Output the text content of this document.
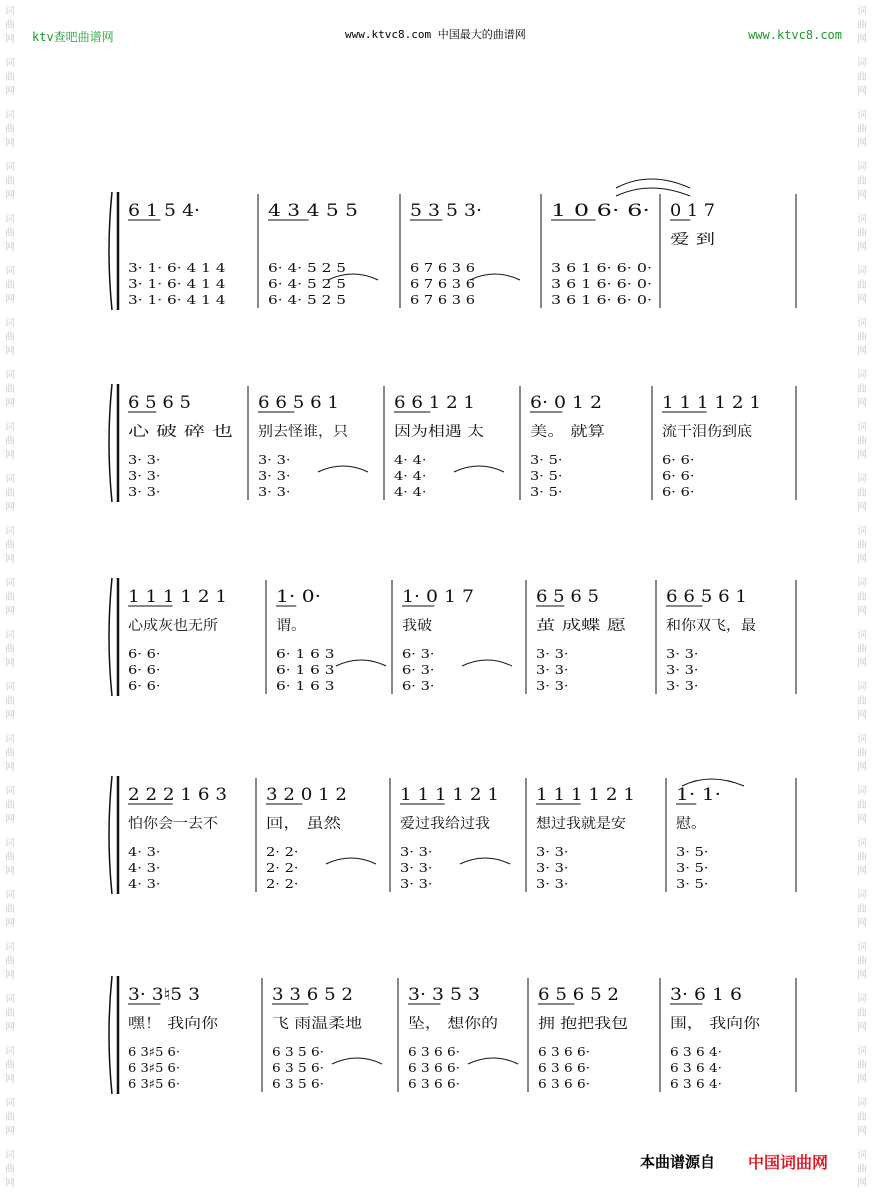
词
曲
网
词
曲
网
词
曲
网
词
曲
网
词
曲
网
词
曲
网
词
曲
网
词
曲
网
词
曲
网
词
曲
网
词
曲
网
词
曲
网
词
曲
网
词
曲
网
词
曲
网
词
曲
网
词
曲
网
词
曲
网
词
曲
网
词
曲
网
词
曲
网
词
曲
网
词
曲
网
词
曲
网
词
曲
网
词
曲
网
词
曲
网
词
曲
网
词
曲
网
词
曲
网
词
曲
网
词
曲
网
词
曲
网
词
曲
网
词
曲
网
词
曲
网
词
曲
网
词
曲
网
词
曲
网
词
曲
网
词
曲
网
词
曲
网
词
曲
网
词
曲
网
词
曲
网
词
曲
网
ktv查吧曲谱网	www.ktvc8.com 中国最大的曲谱网	www.ktvc8.com
6 1 5 4·
3· 1· 6· 4 1 4
3· 1· 6· 4 1 4
3· 1· 6· 4 1 4
4 3 4 5 5
6· 4· 5 2 5
6· 4· 5 2 5
6· 4· 5 2 5
5 3 5 3·
6 7 6 3 6
6 7 6 3 6
6 7 6 3 6
1 0 6· 6·
3 6 1 6· 6· 0·
3 6 1 6· 6· 0·
3 6 1 6· 6· 0·
0 1 7
爱 到
6 5 6 5
心 破 碎 也
3· 3·
3· 3·
3· 3·
6 6 5 6 1
别去怪谁，只
3· 3·
3· 3·
3· 3·
6 6 1 2 1
因为相遇 太
4· 4·
4· 4·
4· 4·
6· 0 1 2
美。 就算
3· 5·
3· 5·
3· 5·
1 1 1 1 2 1
流干泪伤到底
6· 6·
6· 6·
6· 6·
1 1 1 1 2 1
心成灰也无所
6· 6·
6· 6·
6· 6·
1· 0·
谓。
6· 1 6 3
6· 1 6 3
6· 1 6 3
1· 0 1 7
我破
6· 3·
6· 3·
6· 3·
6 5 6 5
茧 成蝶 愿
3· 3·
3· 3·
3· 3·
6 6 5 6 1
和你双飞，最
3· 3·
3· 3·
3· 3·
2 2 2 1 6 3
怕你会一去不
4· 3·
4· 3·
4· 3·
3 2 0 1 2
回， 虽然
2· 2·
2· 2·
2· 2·
1 1 1 1 2 1
爱过我给过我
3· 3·
3· 3·
3· 3·
1 1 1 1 2 1
想过我就是安
3· 3·
3· 3·
3· 3·
1· 1·
慰。
3· 5·
3· 5·
3· 5·
3· 3♮5 3
嘿！ 我向你
6 3♯5 6·
6 3♯5 6·
6 3♯5 6·
3 3 6 5 2
飞 雨温柔地
6 3 5 6·
6 3 5 6·
6 3 5 6·
3· 3 5 3
坠， 想你的
6 3 6 6·
6 3 6 6·
6 3 6 6·
6 5 6 5 2
拥 抱把我包
6 3 6 6·
6 3 6 6·
6 3 6 6·
3· 6 1 6
围， 我向你
6 3 6 4·
6 3 6 4·
6 3 6 4·
本曲谱源自 中国词曲网
